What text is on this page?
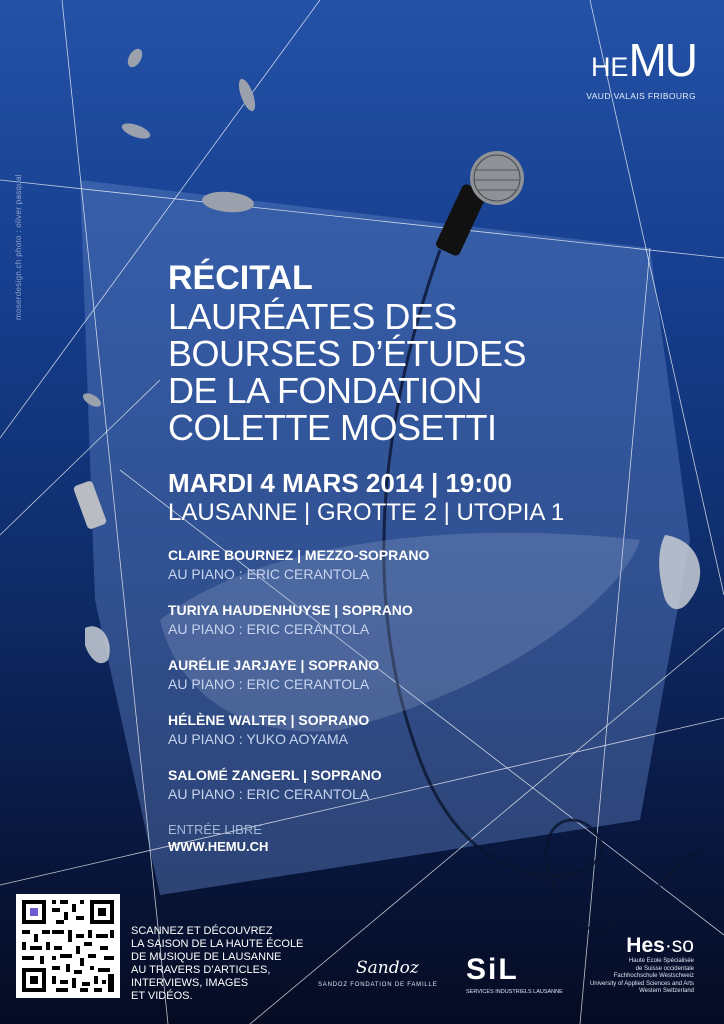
moserdesign.ch photo : oliver pasqual
HEMU
VAUD VALAIS FRIBOURG
RÉCITAL
LAURÉATES DES
BOURSES D’ÉTUDES
DE LA FONDATION
COLETTE MOSETTI
MARDI 4 MARS 2014 | 19:00
LAUSANNE | GROTTE 2 | UTOPIA 1
CLAIRE BOURNEZ | MEZZO-SOPRANO
AU PIANO : ERIC CERANTOLA
TURIYA HAUDENHUYSE | SOPRANO
AU PIANO : ERIC CERANTOLA
AURÉLIE JARJAYE | SOPRANO
AU PIANO : ERIC CERANTOLA
HÉLÈNE WALTER | SOPRANO
AU PIANO : YUKO AOYAMA
SALOMÉ ZANGERL | SOPRANO
AU PIANO : ERIC CERANTOLA
ENTRÉE LIBRE
WWW.HEMU.CH
SCANNEZ ET DÉCOUVREZ
LA SAISON DE LA HAUTE ÉCOLE
DE MUSIQUE DE LAUSANNE
AU TRAVERS D’ARTICLES,
INTERVIEWS, IMAGES
ET VIDÉOS.
Sandoz
SANDOZ FONDATION DE FAMILLE SiL
SERVICES INDUSTRIELS LAUSANNE
Hes·so
Haute Ecole Spécialisée
de Suisse occidentale
Fachhochschule Westschweiz
University of Applied Sciences and Arts
Western Switzerland
